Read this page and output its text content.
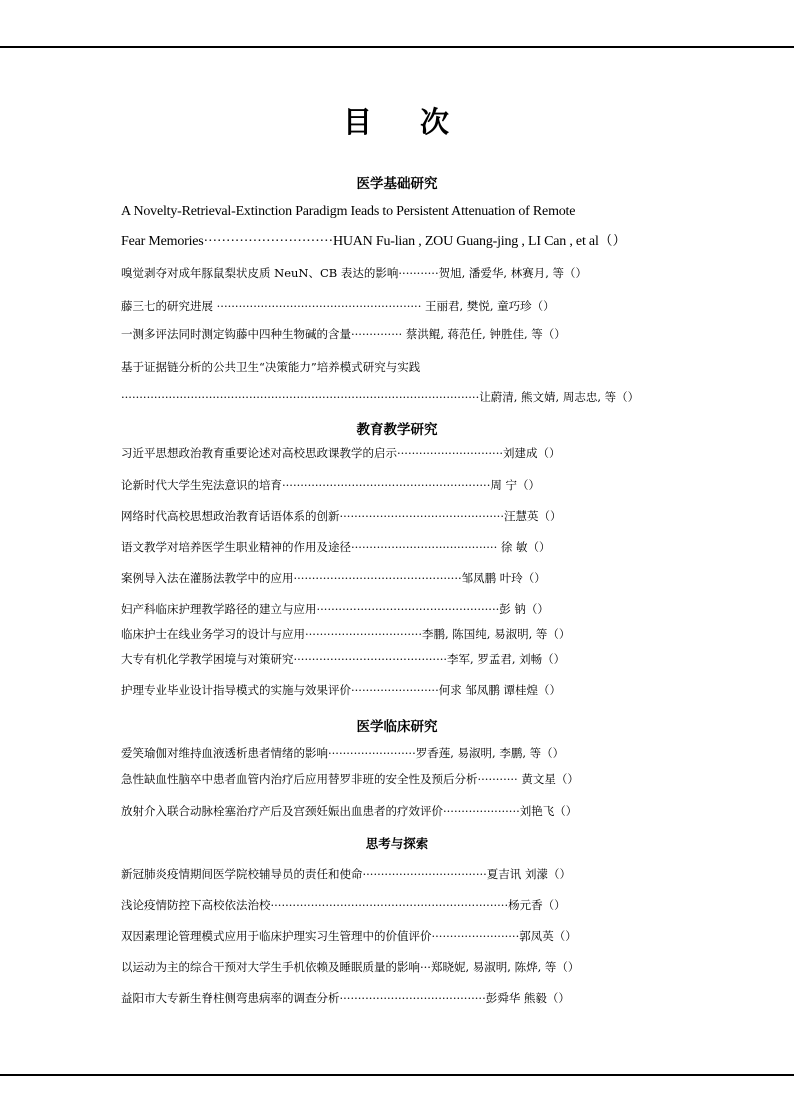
目 次
医学基础研究
A Novelty-Retrieval-Extinction Paradigm Ieads to Persistent Attenuation of Remote
Fear Memories·····························HUAN Fu-lian , ZOU Guang-jing , LI Can , et al（）
嗅觉剥夺对成年豚鼠梨状皮质 NeuN、CB 表达的影响···········贺旭, 潘爱华, 林赛月, 等（）
藤三七的研究进展 ························································ 王丽君, 樊悦, 童巧珍（）
一测多评法同时测定钩藤中四种生物碱的含量·············· 蔡洪鲲, 蒋范任, 钟胜佳, 等（）
基于证据链分析的公共卫生“决策能力”培养模式研究与实践
··································································································让蔚清, 熊文婧, 周志忠, 等（）
教育教学研究
习近平思想政治教育重要论述对高校思政课教学的启示·····························刘建成（）
论新时代大学生宪法意识的培育·························································周 宁（）
网络时代高校思想政治教育话语体系的创新·············································汪慧英（）
语文教学对培养医学生职业精神的作用及途径········································ 徐 敏（）
案例导入法在灌肠法教学中的应用··············································邹凤鹏 叶玲（）
妇产科临床护理教学路径的建立与应用··················································彭 钠（）
临床护士在线业务学习的设计与应用································李鹏, 陈国纯, 易淑明, 等（）
大专有机化学教学困境与对策研究··········································李军, 罗孟君, 刘畅（）
护理专业毕业设计指导模式的实施与效果评价························何求 邹凤鹏 谭桂煌（）
医学临床研究
爱笑瑜伽对维持血液透析患者情绪的影响························罗香莲, 易淑明, 李鹏, 等（）
急性缺血性脑卒中患者血管内治疗后应用替罗非班的安全性及预后分析··········· 黄文星（）
放射介入联合动脉栓塞治疗产后及宫颈妊娠出血患者的疗效评价·····················刘艳飞（）
思考与探索
新冠肺炎疫情期间医学院校辅导员的责任和使命··································夏吉讯 刘濛（）
浅论疫情防控下高校依法治校·································································杨元香（）
双因素理论管理模式应用于临床护理实习生管理中的价值评价························郭凤英（）
以运动为主的综合干预对大学生手机依赖及睡眠质量的影响···郑晓妮, 易淑明, 陈烨, 等（）
益阳市大专新生脊柱侧弯患病率的调查分析········································彭舜华 熊毅（）
